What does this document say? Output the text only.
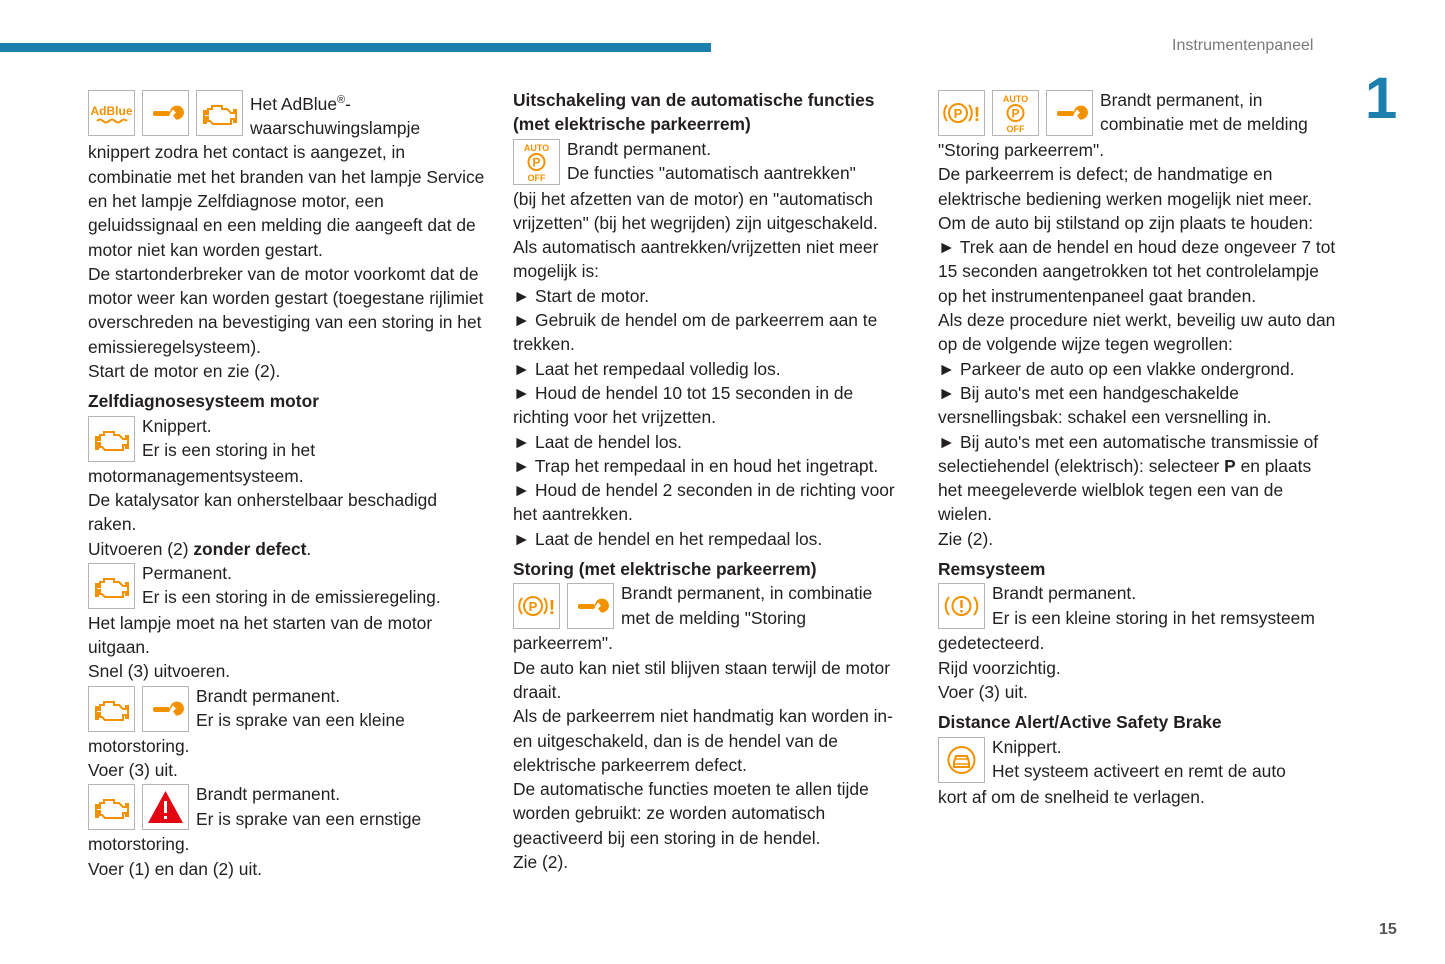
Instrumentenpaneel
1
15
AdBlue	Het AdBlue®-
waarschuwingslampje

knippert zodra het contact is aangezet, in combinatie met het branden van het lampje Service en het lampje Zelfdiagnose motor, een geluidssignaal en een melding die aangeeft dat de motor niet kan worden gestart.

De startonderbreker van de motor voorkomt dat de motor weer kan worden gestart (toegestane rijlimiet overschreden na bevestiging van een storing in het emissieregelsysteem).

Start de motor en zie (2).

Zelfdiagnosesysteem motor

Knippert.
Er is een storing in het

motormanagementsysteem.

De katalysator kan onherstelbaar beschadigd raken.

Uitvoeren (2) zonder defect.

Permanent.
Er is een storing in de emissieregeling.

Het lampje moet na het starten van de motor uitgaan.

Snel (3) uitvoeren.

Brandt permanent.
Er is sprake van een kleine

motorstoring.

Voer (3) uit.

Brandt permanent.
Er is sprake van een ernstige

motorstoring.

Voer (1) en dan (2) uit.

Uitschakeling van de automatische functies (met elektrische parkeerrem)
AUTO
P
OFF

Brandt permanent.
De functies "automatisch aantrekken"

(bij het afzetten van de motor) en "automatisch vrijzetten" (bij het wegrijden) zijn uitgeschakeld.

Als automatisch aantrekken/vrijzetten niet meer mogelijk is:

► Start de motor.

► Gebruik de hendel om de parkeerrem aan te trekken.

► Laat het rempedaal volledig los.

► Houd de hendel 10 tot 15 seconden in de richting voor het vrijzetten.

► Laat de hendel los.

► Trap het rempedaal in en houd het ingetrapt.

► Houd de hendel 2 seconden in de richting voor het aantrekken.

► Laat de hendel en het rempedaal los.

Storing (met elektrische parkeerrem)
P !

Brandt permanent, in combinatie
met de melding "Storing

parkeerrem".

De auto kan niet stil blijven staan terwijl de motor draait.

Als de parkeerrem niet handmatig kan worden in- en uitgeschakeld, dan is de hendel van de elektrische parkeerrem defect.

De automatische functies moeten te allen tijde worden gebruikt: ze worden automatisch geactiveerd bij een storing in de hendel.

Zie (2).

P !
AUTO
P
OFF

Brandt permanent, in
combinatie met de melding

"Storing parkeerrem".

De parkeerrem is defect; de handmatige en elektrische bediening werken mogelijk niet meer.

Om de auto bij stilstand op zijn plaats te houden:

► Trek aan de hendel en houd deze ongeveer 7 tot 15 seconden aangetrokken tot het controlelampje op het instrumentenpaneel gaat branden.

Als deze procedure niet werkt, beveilig uw auto dan op de volgende wijze tegen wegrollen:

► Parkeer de auto op een vlakke ondergrond.

► Bij auto's met een handgeschakelde versnellingsbak: schakel een versnelling in.

► Bij auto's met een automatische transmissie of selectiehendel (elektrisch): selecteer P en plaats het meegeleverde wielblok tegen een van de wielen.

Zie (2).

Remsysteem

Brandt permanent.
Er is een kleine storing in het remsysteem

gedetecteerd.

Rijd voorzichtig.

Voer (3) uit.

Distance Alert/Active Safety Brake

Knippert.
Het systeem activeert en remt de auto

kort af om de snelheid te verlagen.
